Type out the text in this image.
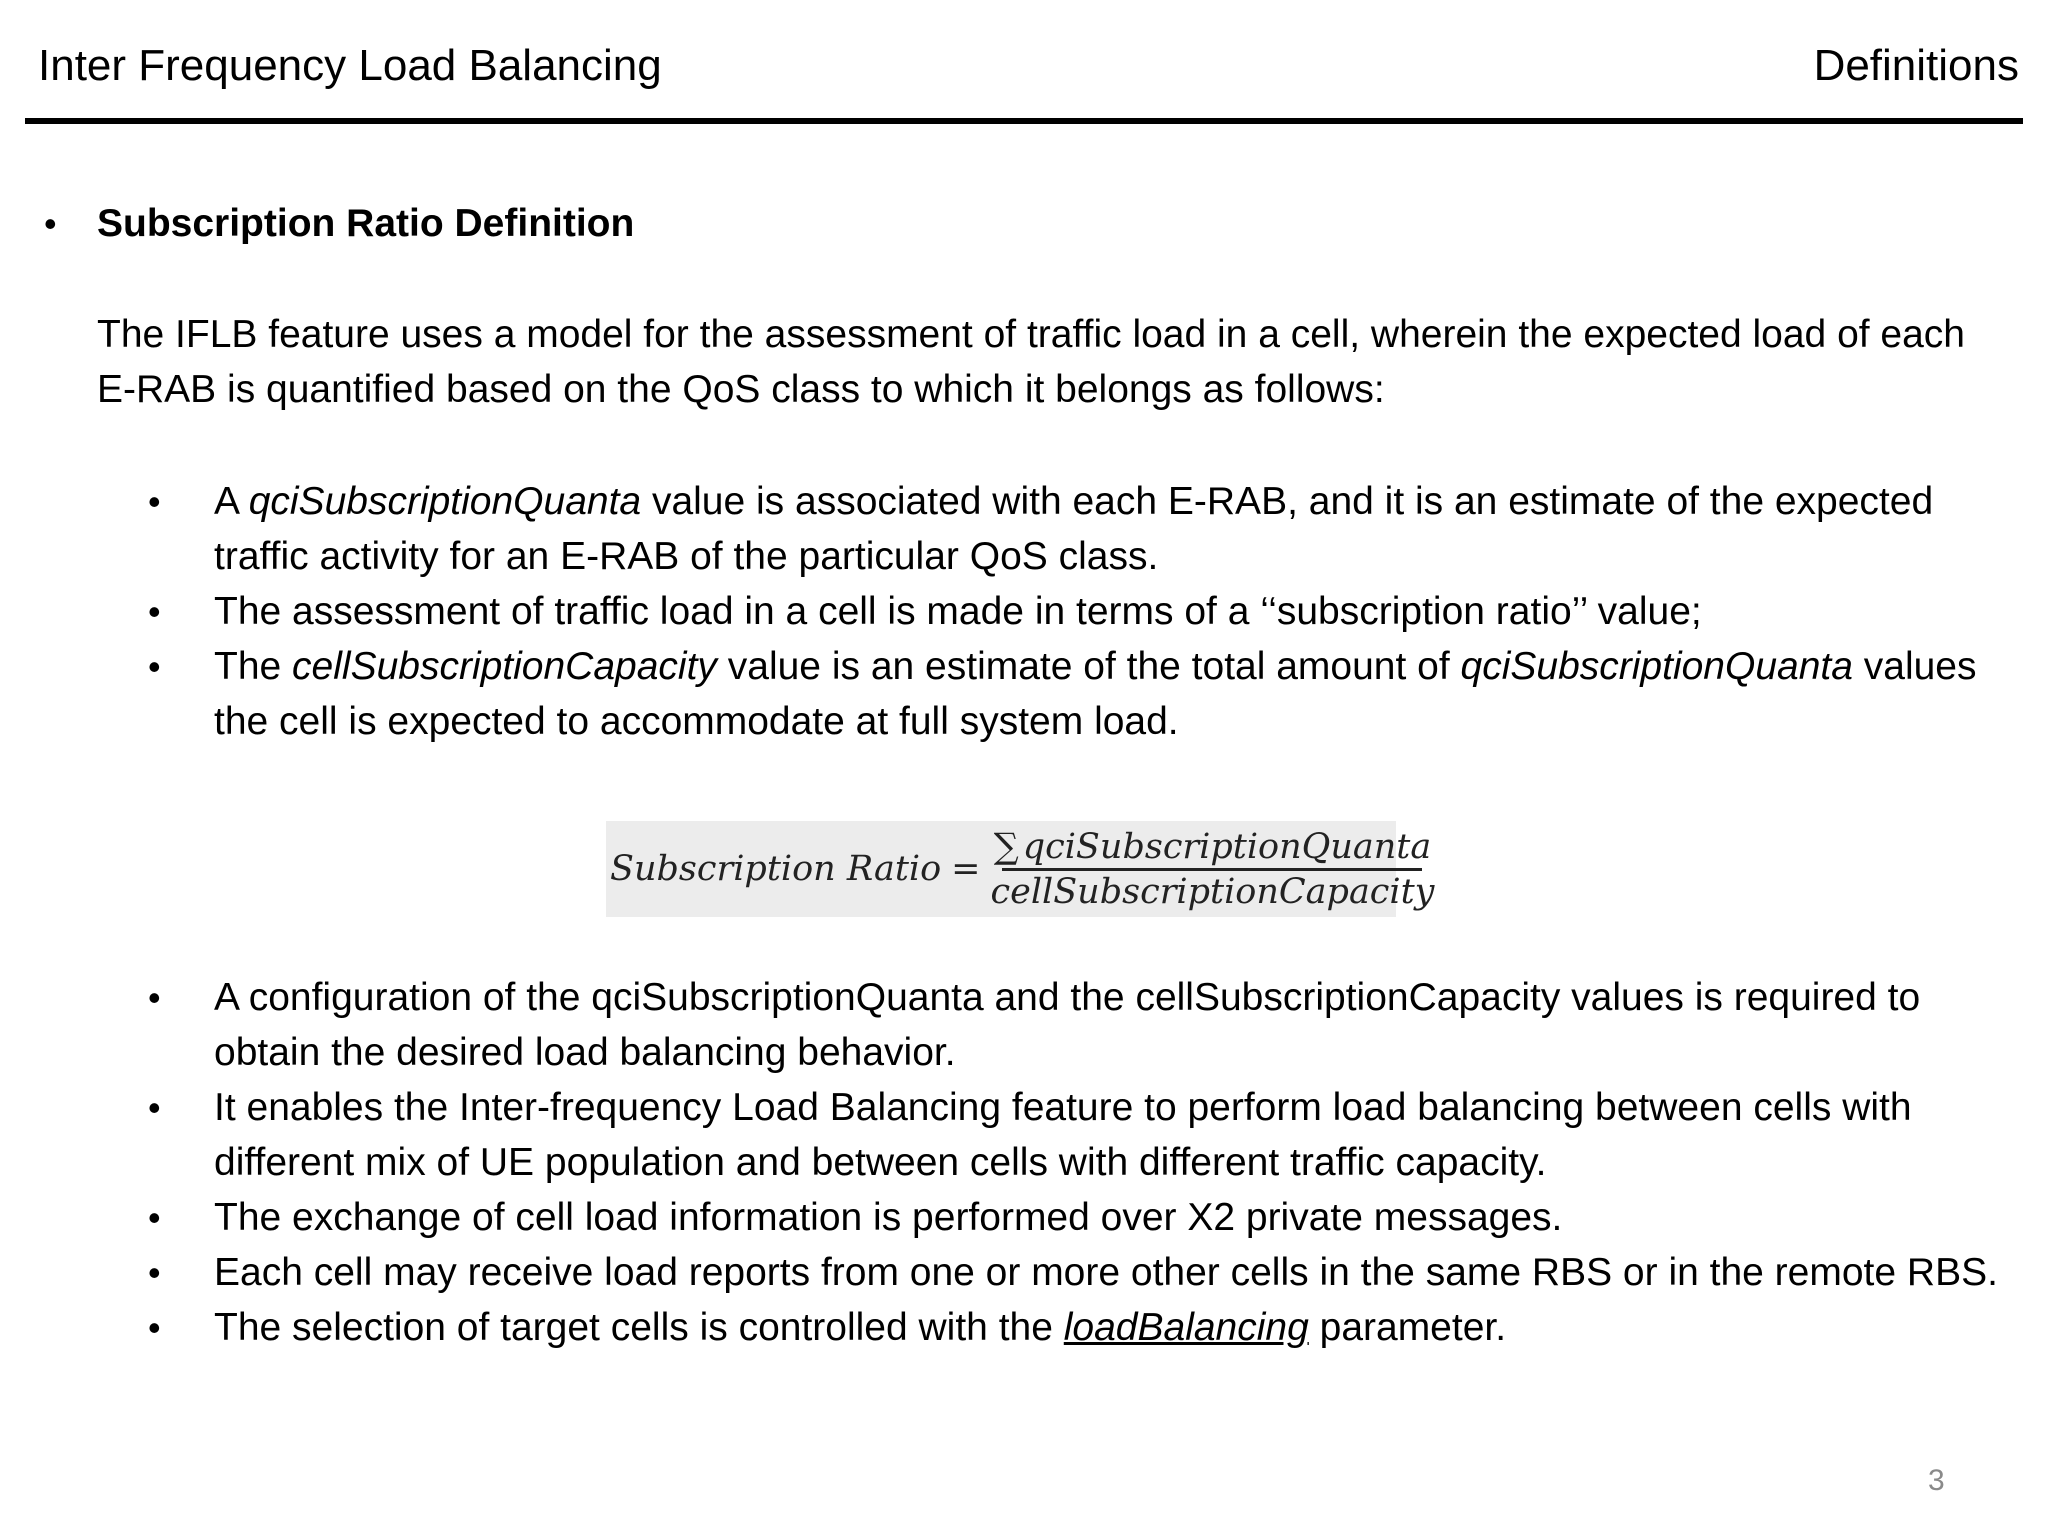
Inter Frequency Load Balancing	Definitions
• Subscription Ratio Definition
The IFLB feature uses a model for the assessment of traffic load in a cell, wherein the expected load of each E-RAB is quantified based on the QoS class to which it belongs as follows:
• A qciSubscriptionQuanta value is associated with each E-RAB, and it is an estimate of the expected traffic activity for an E-RAB of the particular QoS class.
• The assessment of traffic load in a cell is made in terms of a ‘‘subscription ratio’’ value;
• The cellSubscriptionCapacity value is an estimate of the total amount of qciSubscriptionQuanta values the cell is expected to accommodate at full system load.
Subscription Ratio = $\frac{\text{∑ qciSubscriptionQuanta}}{\text{cellSubscriptionCapacity}}$
• A configuration of the qciSubscriptionQuanta and the cellSubscriptionCapacity values is required to obtain the desired load balancing behavior.
• It enables the Inter-frequency Load Balancing feature to perform load balancing between cells with different mix of UE population and between cells with different traffic capacity.
• The exchange of cell load information is performed over X2 private messages.
• Each cell may receive load reports from one or more other cells in the same RBS or in the remote RBS.
• The selection of target cells is controlled with the loadBalancing parameter.
3
